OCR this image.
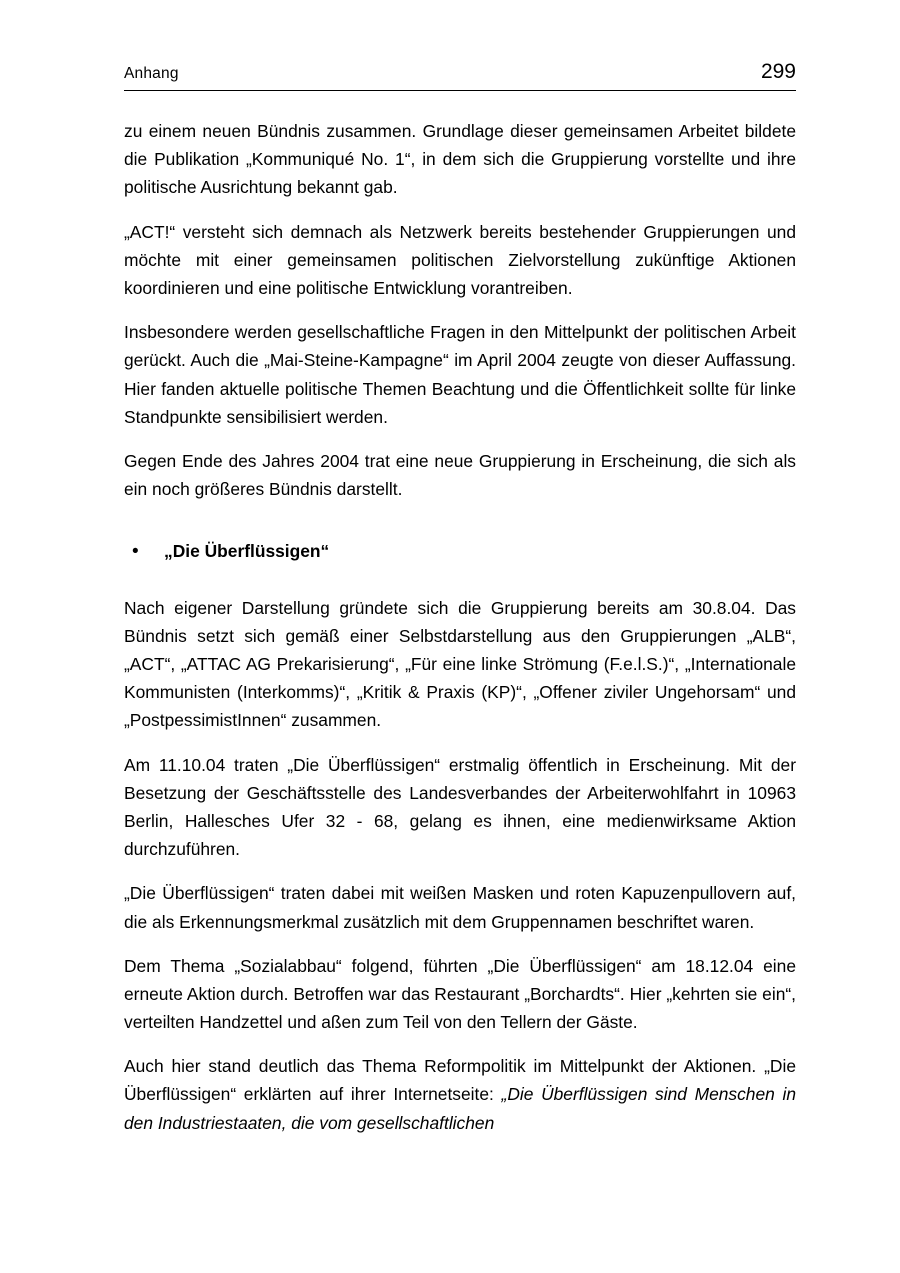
Anhang	299

zu einem neuen Bündnis zusammen. Grundlage dieser gemeinsamen Arbeitet bildete die Publikation „Kommuniqué No. 1“, in dem sich die Gruppierung vorstellte und ihre politische Ausrichtung bekannt gab.

„ACT!“ versteht sich demnach als Netzwerk bereits bestehender Gruppierungen und möchte mit einer gemeinsamen politischen Zielvorstellung zukünftige Aktionen koordinieren und eine politische Entwicklung vorantreiben.

Insbesondere werden gesellschaftliche Fragen in den Mittelpunkt der politischen Arbeit gerückt. Auch die „Mai-Steine-Kampagne“ im April 2004 zeugte von dieser Auffassung. Hier fanden aktuelle politische Themen Beachtung und die Öffentlichkeit sollte für linke Standpunkte sensibilisiert werden.

Gegen Ende des Jahres 2004 trat eine neue Gruppierung in Erscheinung, die sich als ein noch größeres Bündnis darstellt.

•	„Die Überflüssigen“

Nach eigener Darstellung gründete sich die Gruppierung bereits am 30.8.04. Das Bündnis setzt sich gemäß einer Selbstdarstellung aus den Gruppierungen „ALB“, „ACT“, „ATTAC AG Prekarisierung“, „Für eine linke Strömung (F.e.l.S.)“, „Internationale Kommunisten (Interkomms)“, „Kritik & Praxis (KP)“, „Offener ziviler Ungehorsam“ und „PostpessimistInnen“ zusammen.

Am 11.10.04 traten „Die Überflüssigen“ erstmalig öffentlich in Erscheinung. Mit der Besetzung der Geschäftsstelle des Landesverbandes der Arbeiterwohlfahrt in 10963 Berlin, Hallesches Ufer 32 - 68, gelang es ihnen, eine medienwirksame Aktion durchzuführen.

„Die Überflüssigen“ traten dabei mit weißen Masken und roten Kapuzenpullovern auf, die als Erkennungsmerkmal zusätzlich mit dem Gruppennamen beschriftet waren.

Dem Thema „Sozialabbau“ folgend, führten „Die Überflüssigen“ am 18.12.04 eine erneute Aktion durch. Betroffen war das Restaurant „Borchardts“. Hier „kehrten sie ein“, verteilten Handzettel und aßen zum Teil von den Tellern der Gäste.

Auch hier stand deutlich das Thema Reformpolitik im Mittelpunkt der Aktionen. „Die Überflüssigen“ erklärten auf ihrer Internetseite: „Die Überflüssigen sind Menschen in den Industriestaaten, die vom gesellschaftlichen
